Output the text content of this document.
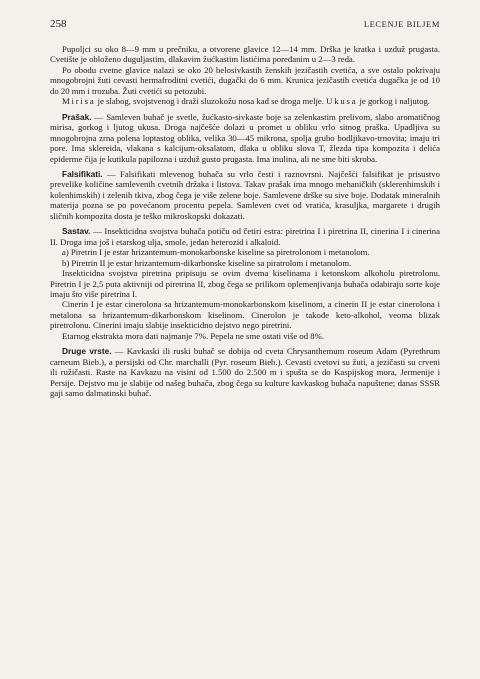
258	LECENJE BILJEM

Pupoljci su oko 8—9 mm u prečniku, a otvorene glavice 12—14 mm. Drška je kratka i uzduž prugasta. Cvetište je obloženo duguljastim, dlakavim žućkastim listićima poređanim u 2—3 reda.

Po obodu cvetne glavice nalazi se oko 20 belosivkastih ženskih jezičastih cvetića, a sve ostalo pokrivaju mnogobrojni žuti cevasti hermafroditni cvetići, dugački do 6 mm. Krunica jezičastih cvetića dugačka je od 10 do 20 mm i trozuba. Žuti cvetići su petozubi.

Mirisa je slabog, svojstvenog i draži sluzokožu nosa kad se droga melje. Ukusa je gorkog i naljutog.

Prašak. — Samleven buhač je svetle, žućkasto-sivkaste boje sa zelenkastim prelivom, slabo aromatičnog mirisa, gorkog i ljutog ukusa. Droga najčešće dolazi u promet u obliku vrlo sitnog praška. Upadljiva su mnogobrojna zrna polena loptastog oblika, velika 30—45 mikrona, spolja grubo bodljikavo-trnovita; imaju tri pore. Ima sklereida, vlakana s kalcijum-oksalatom, dlaka u obliku slova T, žlezda tipa kompozita i delića epiderme čija je kutikula papilozna i uzduž gusto prugasta. Ima inulina, ali ne sme biti skroba.

Falsifikati. — Falsifikati mlevenog buhača su vrlo česti i raznovrsni. Najčešći falsifikat je prisustvo prevelike količine samlevenih cvetnih držaka i listova. Takav prašak ima mnogo mehaničkih (sklerenhimskih i kolenhimskih) i zelenih tkiva, zbog čega je više zelene boje. Samlevene drške su sive boje. Dodatak mineralnih materija pozna se po povećanom procentu pepela. Samleven cvet od vratića, krasuljka, margarete i drugih sličnih kompozita dosta je teško mikroskopski dokazati.

Sastav. — Insekticidna svojstva buhača potiču od četiri estra: piretrina I i piretrina II, cinerina I i cinerina II. Droga ima još i etarskog ulja, smole, jedan heterozid i alkaloid.

a) Piretrin I je estar hrizantemum-monokarbonske kiseline sa piretrolonom i metanolom.

b) Piretrin II je estar hrizantemum-dikarbonske kiseline sa piratrolom i metanolom.

Insekticidna svojstva piretrina pripisuju se ovim dvema kiselinama i ketonskom alkoholu piretrolonu. Piretrin I je 2,5 puta aktivniji od piretrina II, zbog čega se prilikom oplemenjivanja buhača odabiraju sorte koje imaju što više piretrina I.

Cinerin I je estar cinerolona sa hrizantemum-monokarbonskom kiselinom, a cinerin II je estar cinerolona i metalona sa hrizantemum-dikarbonskom kiselinom. Cinerolon je takođe keto-alkohol, veoma blizak piretrolonu. Cinerini imaju slabije insekticidno dejstvo nego piretrini.

Etarnog ekstrakta mora dati najmanje 7%. Pepela ne sme ostati više od 8%.

Druge vrste. — Kavkaski ili ruski buhač se dobija od cveta Chrysanthemum roseum Adam (Pyrethrum carneum Bieb.), a persijski od Chr. marchalli (Pyr. roseum Bieb.). Cevasti cvetovi su žuti, a jezičasti su crveni ili ružičasti. Raste na Kavkazu na visini od 1.500 do 2.500 m i spušta se do Kaspijskog mora, Jermenije i Persije. Dejstvo mu je slabije od našeg buhača, zbog čega su kulture kavkaskog buhača napuštene; danas SSSR gaji samo dalmatinski buhač.
